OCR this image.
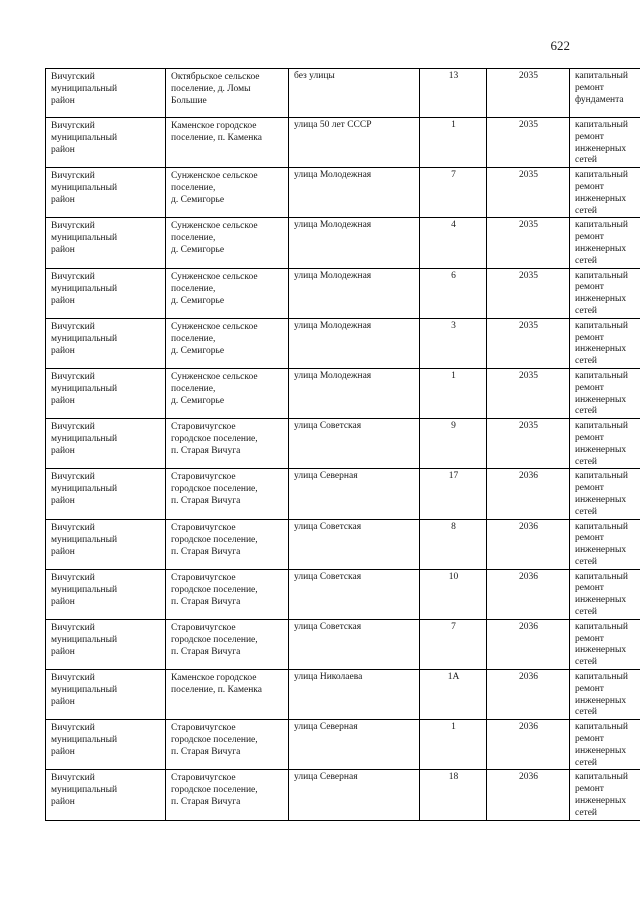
622
Вичугский
муниципальный
район	Октябрьское сельское
поселение, д. Ломы
Большие	без улицы	13	2035	капитальный
ремонт
фундамента

Вичугский
муниципальный
район	Каменское городское
поселение, п. Каменка	улица 50 лет СССР	1	2035	капитальный
ремонт
инженерных
сетей

Вичугский
муниципальный
район	Сунженское сельское
поселение,
д. Семигорье	улица Молодежная	7	2035	капитальный
ремонт
инженерных
сетей

Вичугский
муниципальный
район	Сунженское сельское
поселение,
д. Семигорье	улица Молодежная	4	2035	капитальный
ремонт
инженерных
сетей

Вичугский
муниципальный
район	Сунженское сельское
поселение,
д. Семигорье	улица Молодежная	6	2035	капитальный
ремонт
инженерных
сетей

Вичугский
муниципальный
район	Сунженское сельское
поселение,
д. Семигорье	улица Молодежная	3	2035	капитальный
ремонт
инженерных
сетей

Вичугский
муниципальный
район	Сунженское сельское
поселение,
д. Семигорье	улица Молодежная	1	2035	капитальный
ремонт
инженерных
сетей

Вичугский
муниципальный
район	Старовичугское
городское поселение,
п. Старая Вичуга	улица Советская	9	2035	капитальный
ремонт
инженерных
сетей

Вичугский
муниципальный
район	Старовичугское
городское поселение,
п. Старая Вичуга	улица Северная	17	2036	капитальный
ремонт
инженерных
сетей

Вичугский
муниципальный
район	Старовичугское
городское поселение,
п. Старая Вичуга	улица Советская	8	2036	капитальный
ремонт
инженерных
сетей

Вичугский
муниципальный
район	Старовичугское
городское поселение,
п. Старая Вичуга	улица Советская	10	2036	капитальный
ремонт
инженерных
сетей

Вичугский
муниципальный
район	Старовичугское
городское поселение,
п. Старая Вичуга	улица Советская	7	2036	капитальный
ремонт
инженерных
сетей

Вичугский
муниципальный
район	Каменское городское
поселение, п. Каменка	улица Николаева	1А	2036	капитальный
ремонт
инженерных
сетей

Вичугский
муниципальный
район	Старовичугское
городское поселение,
п. Старая Вичуга	улица Северная	1	2036	капитальный
ремонт
инженерных
сетей

Вичугский
муниципальный
район	Старовичугское
городское поселение,
п. Старая Вичуга	улица Северная	18	2036	капитальный
ремонт
инженерных
сетей
